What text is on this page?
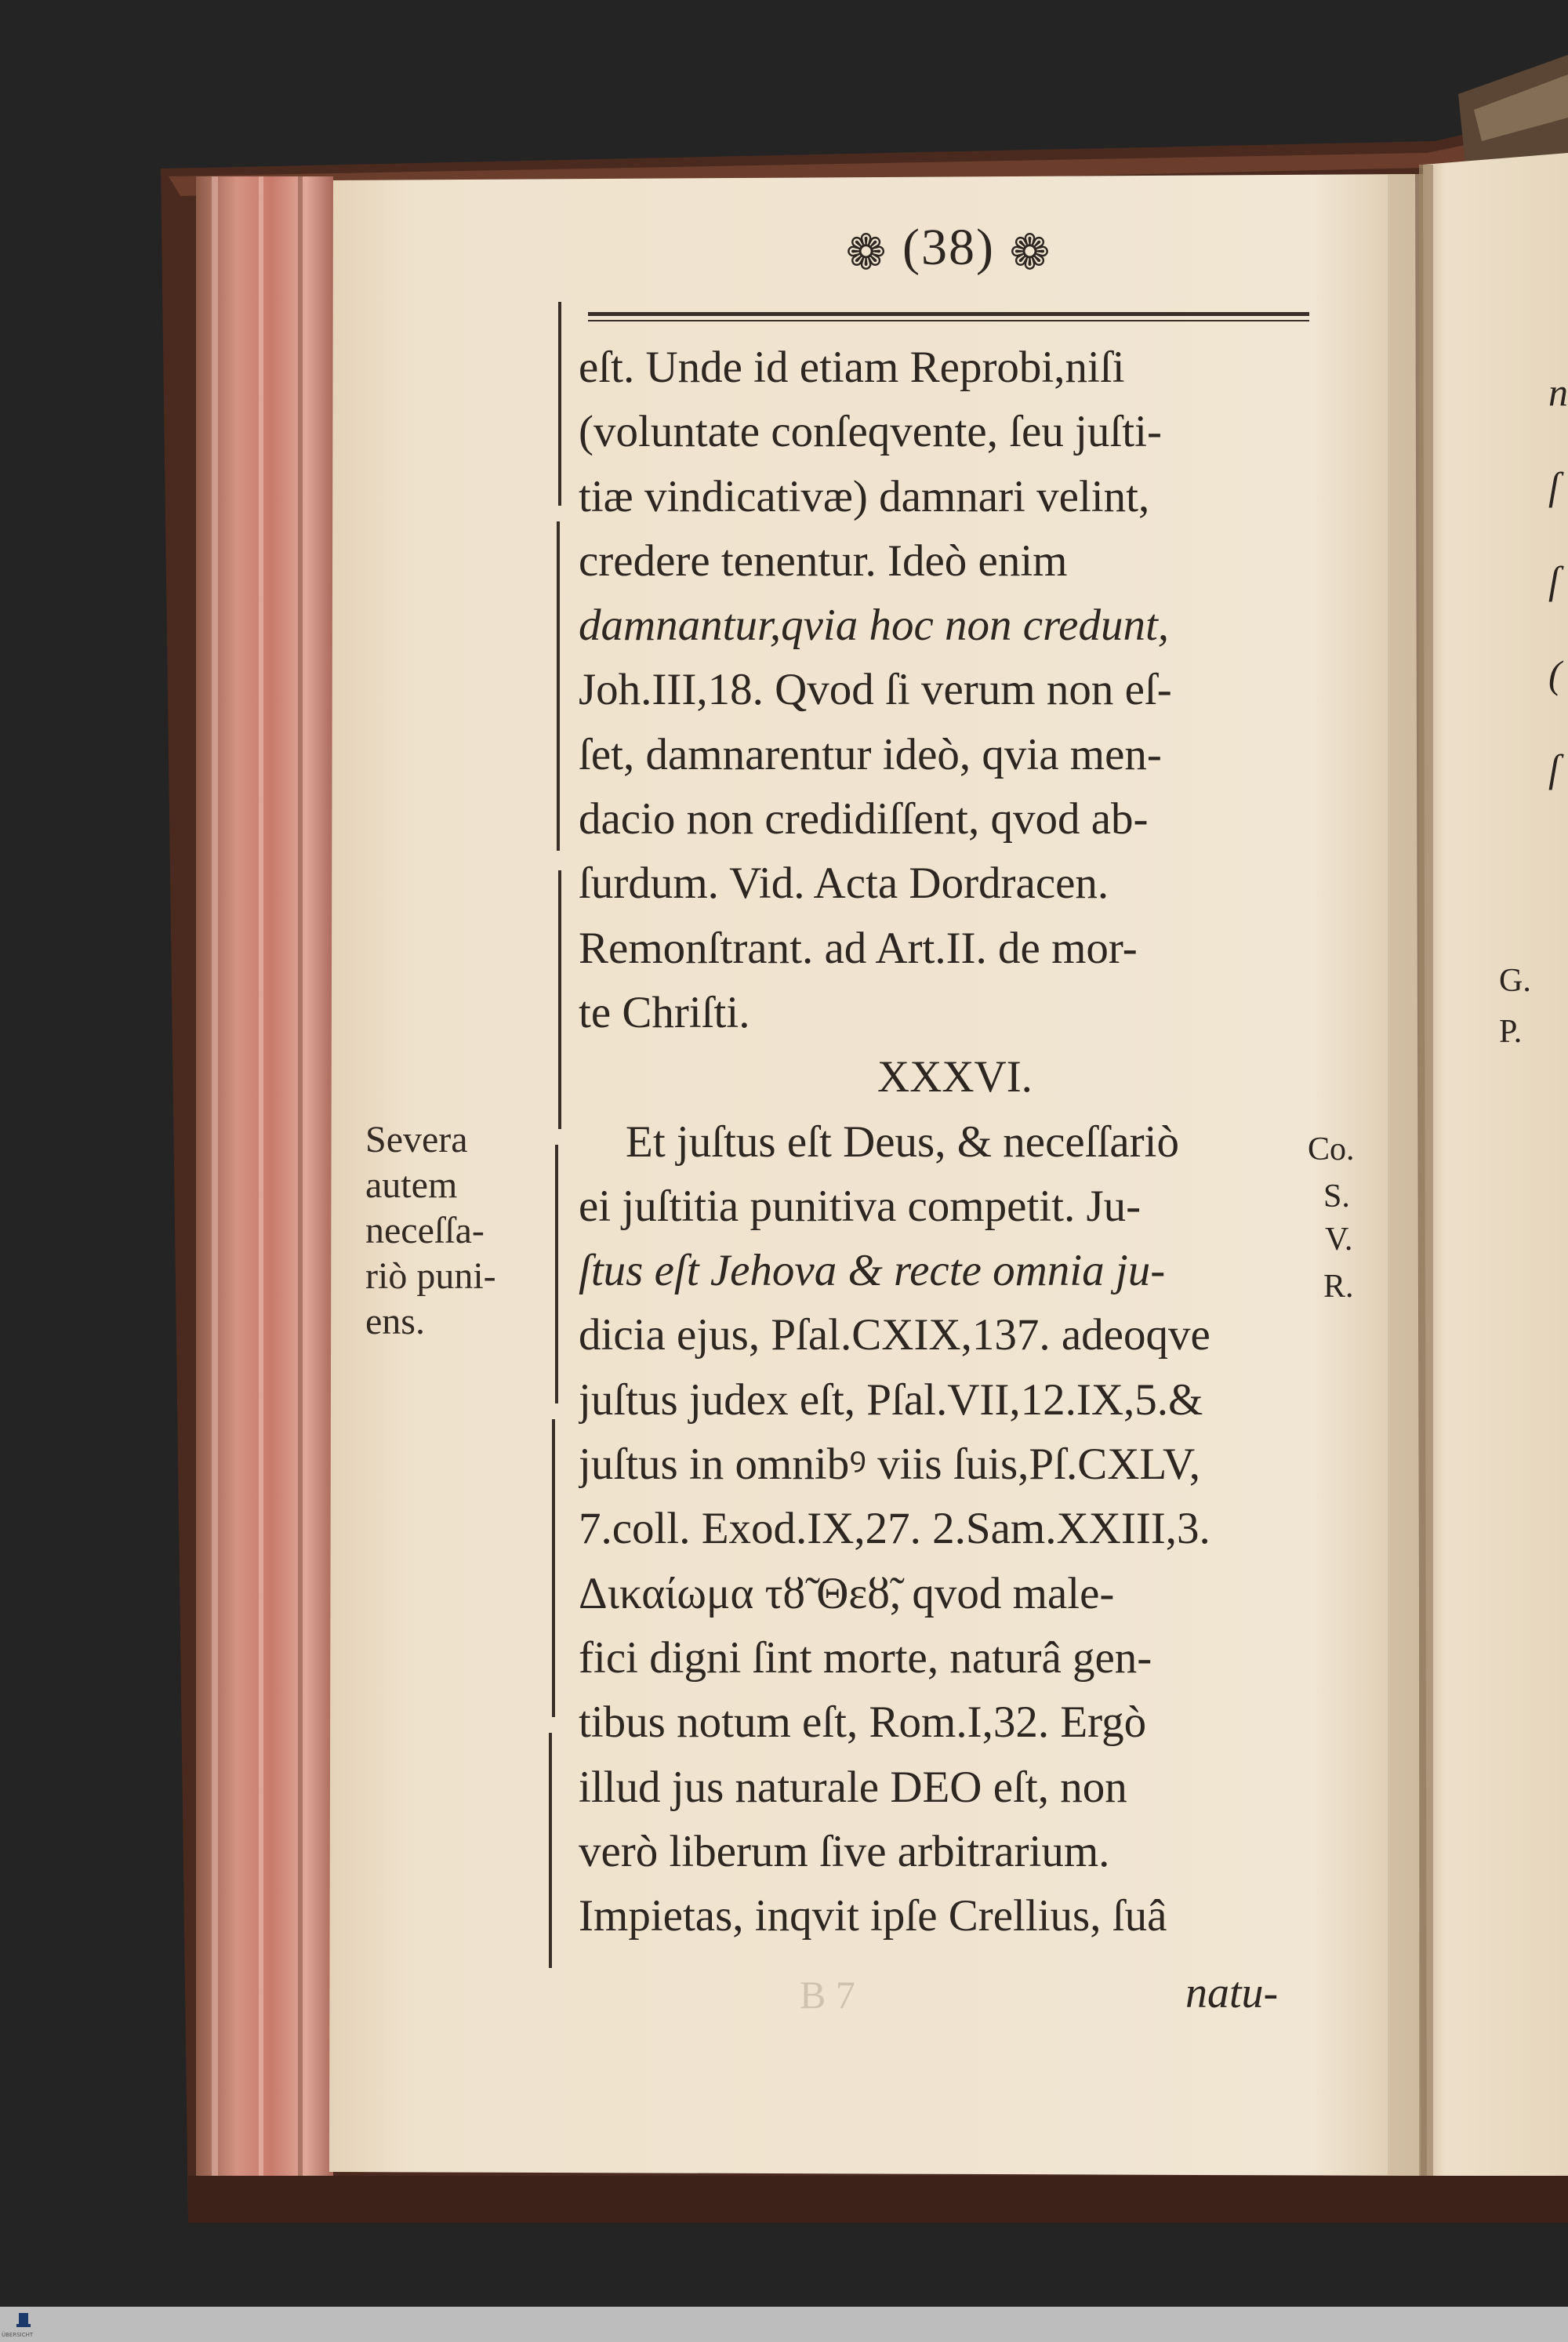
❁ (38) ❁
eſt. Unde id etiam Reprobi,niſi
(voluntate conſeqvente, ſeu juſti-
tiæ vindicativæ) damnari velint,
credere tenentur. Ideò enim
damnantur,qvia hoc non credunt,
Joh.III,18. Qvod ſi verum non eſ-
ſet, damnarentur ideò, qvia men-
dacio non credidiſſent, qvod ab-
ſurdum. Vid. Acta Dordracen.
Remonſtrant. ad Art.II. de mor-
te Chriſti.
XXXVI.
Et juſtus eſt Deus, & neceſſariò
ei juſtitia punitiva competit. Ju-
ſtus eſt Jehova & recte omnia ju-
dicia ejus, Pſal.CXIX,137. adeoqve
juſtus judex eſt, Pſal.VII,12.IX,5.&
juſtus in omnibꝰ viis ſuis,Pſ.CXLV,
7.coll. Exod.IX,27. 2.Sam.XXIII,3.
Δικαίωμα τȣ̃ Θεȣ̃, qvod male-
fici digni ſint morte, naturâ gen-
tibus notum eſt, Rom.I,32. Ergò
illud jus naturale DEO eſt, non
verò liberum ſive arbitrarium.
Impietas, inqvit ipſe Crellius, ſuâ
Severa
autem
neceſſa-
riò puni-
ens.
B 7	natu-
G.
P.
Co.
S.
V.
R.
n
ſ
ſ
(
ſ
ÜBERSICHT
